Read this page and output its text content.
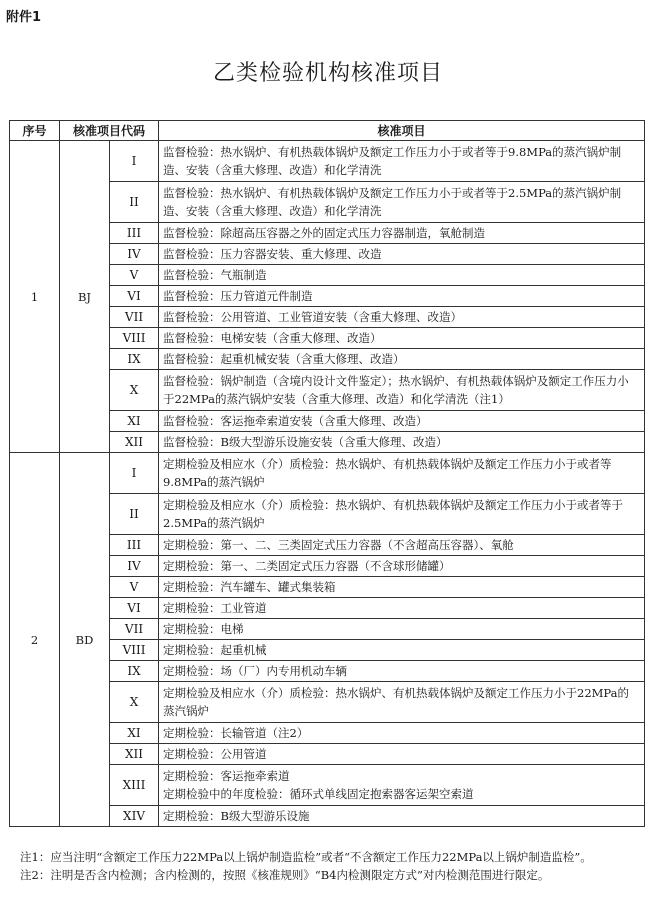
附件1
乙类检验机构核准项目
序号	核准项目代码		核准项目
1	BJ	I	监督检验：热水锅炉、有机热载体锅炉及额定工作压力小于或者等于9.8MPa的蒸汽锅炉制造、安装（含重大修理、改造）和化学清洗
		II	监督检验：热水锅炉、有机热载体锅炉及额定工作压力小于或者等于2.5MPa的蒸汽锅炉制造、安装（含重大修理、改造）和化学清洗
		III	监督检验：除超高压容器之外的固定式压力容器制造，氧舱制造
		IV	监督检验：压力容器安装、重大修理、改造
		V	监督检验：气瓶制造
		VI	监督检验：压力管道元件制造
		VII	监督检验：公用管道、工业管道安装（含重大修理、改造）
		VIII	监督检验：电梯安装（含重大修理、改造）
		IX	监督检验：起重机械安装（含重大修理、改造）
		X	监督检验：锅炉制造（含境内设计文件鉴定）；热水锅炉、有机热载体锅炉及额定工作压力小于22MPa的蒸汽锅炉安装（含重大修理、改造）和化学清洗（注1）
		XI	监督检验：客运拖牵索道安装（含重大修理、改造）
		XII	监督检验：B级大型游乐设施安装（含重大修理、改造）
2	BD	I	定期检验及相应水（介）质检验：热水锅炉、有机热载体锅炉及额定工作压力小于或者等9.8MPa的蒸汽锅炉
		II	定期检验及相应水（介）质检验：热水锅炉、有机热载体锅炉及额定工作压力小于或者等于2.5MPa的蒸汽锅炉
		III	定期检验：第一、二、三类固定式压力容器（不含超高压容器）、氧舱
		IV	定期检验：第一、二类固定式压力容器（不含球形储罐）
		V	定期检验：汽车罐车、罐式集装箱
		VI	定期检验：工业管道
		VII	定期检验：电梯
		VIII	定期检验：起重机械
		IX	定期检验：场（厂）内专用机动车辆
		X	定期检验及相应水（介）质检验：热水锅炉、有机热载体锅炉及额定工作压力小于22MPa的蒸汽锅炉
		XI	定期检验：长输管道（注2）
		XII	定期检验：公用管道
		XIII	定期检验：客运拖牵索道
定期检验中的年度检验：循环式单线固定抱索器客运架空索道
		XIV	定期检验：B级大型游乐设施
注1： 应当注明“含额定工作压力22MPa以上锅炉制造监检”或者“不含额定工作压力22MPa以上锅炉制造监检”。
注2： 注明是否含内检测；含内检测的，按照《核准规则》“B4内检测限定方式”对内检测范围进行限定。
